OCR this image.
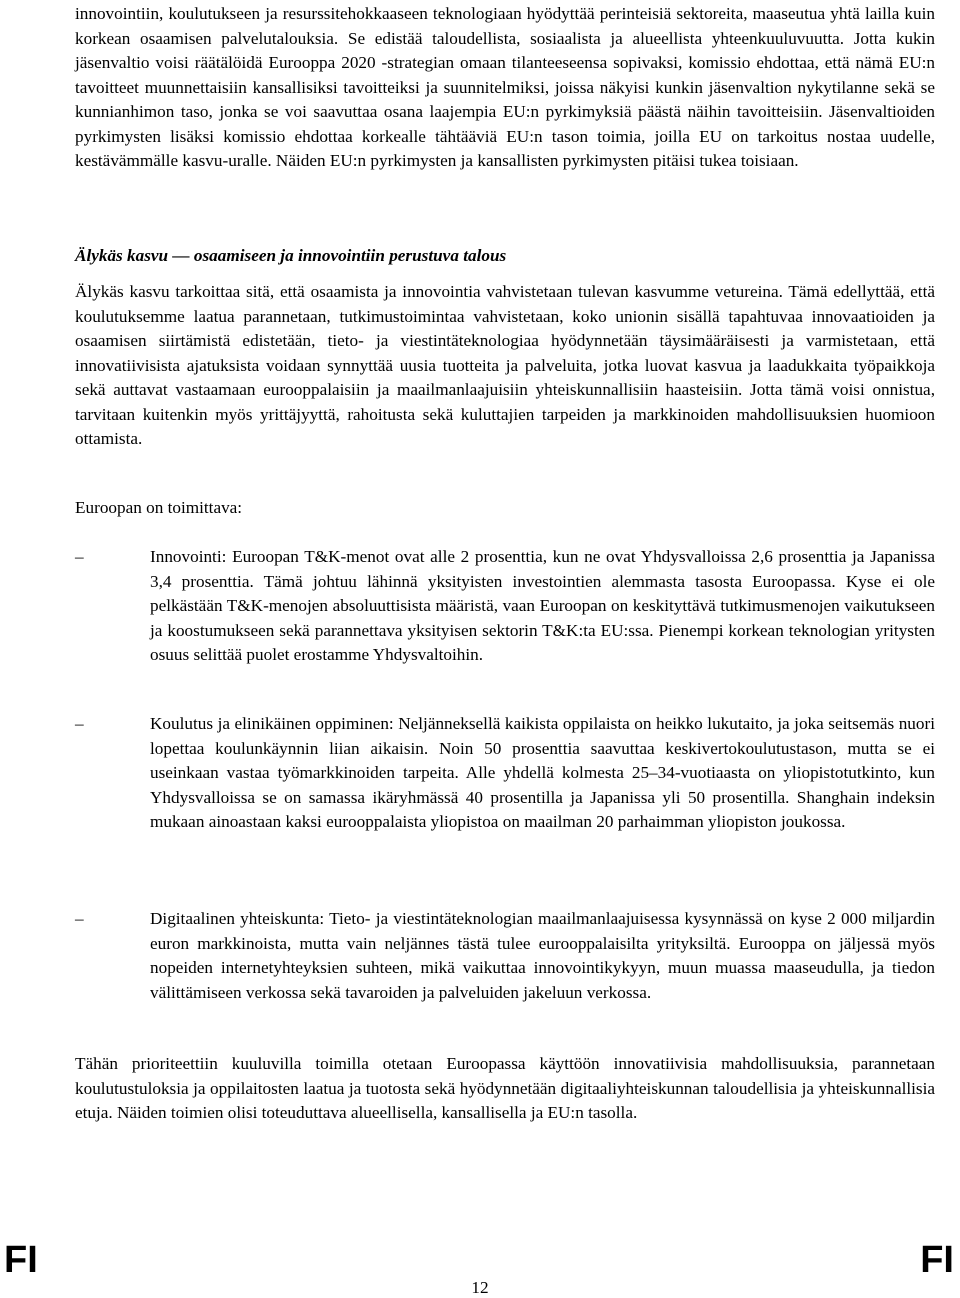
innovointiin, koulutukseen ja resurssitehokkaaseen teknologiaan hyödyttää perinteisiä sektoreita, maaseutua yhtä lailla kuin korkean osaamisen palvelutalouksia. Se edistää taloudellista, sosiaalista ja alueellista yhteenkuuluvuutta. Jotta kukin jäsenvaltio voisi räätälöidä Eurooppa 2020 -strategian omaan tilanteeseensa sopivaksi, komissio ehdottaa, että nämä EU:n tavoitteet muunnettaisiin kansallisiksi tavoitteiksi ja suunnitelmiksi, joissa näkyisi kunkin jäsenvaltion nykytilanne sekä se kunnianhimon taso, jonka se voi saavuttaa osana laajempia EU:n pyrkimyksiä päästä näihin tavoitteisiin. Jäsenvaltioiden pyrkimysten lisäksi komissio ehdottaa korkealle tähtääviä EU:n tason toimia, joilla EU on tarkoitus nostaa uudelle, kestävämmälle kasvu-uralle. Näiden EU:n pyrkimysten ja kansallisten pyrkimysten pitäisi tukea toisiaan.

Älykäs kasvu — osaamiseen ja innovointiin perustuva talous

Älykäs kasvu tarkoittaa sitä, että osaamista ja innovointia vahvistetaan tulevan kasvumme vetureina. Tämä edellyttää, että koulutuksemme laatua parannetaan, tutkimustoimintaa vahvistetaan, koko unionin sisällä tapahtuvaa innovaatioiden ja osaamisen siirtämistä edistetään, tieto- ja viestintäteknologiaa hyödynnetään täysimääräisesti ja varmistetaan, että innovatiivisista ajatuksista voidaan synnyttää uusia tuotteita ja palveluita, jotka luovat kasvua ja laadukkaita työpaikkoja sekä auttavat vastaamaan eurooppalaisiin ja maailmanlaajuisiin yhteiskunnallisiin haasteisiin. Jotta tämä voisi onnistua, tarvitaan kuitenkin myös yrittäjyyttä, rahoitusta sekä kuluttajien tarpeiden ja markkinoiden mahdollisuuksien huomioon ottamista.

Euroopan on toimittava:

–	Innovointi: Euroopan T&K-menot ovat alle 2 prosenttia, kun ne ovat Yhdysvalloissa 2,6 prosenttia ja Japanissa 3,4 prosenttia. Tämä johtuu lähinnä yksityisten investointien alemmasta tasosta Euroopassa. Kyse ei ole pelkästään T&K-menojen absoluuttisista määristä, vaan Euroopan on keskityttävä tutkimusmenojen vaikutukseen ja koostumukseen sekä parannettava yksityisen sektorin T&K:ta EU:ssa. Pienempi korkean teknologian yritysten osuus selittää puolet erostamme Yhdysvaltoihin.

–	Koulutus ja elinikäinen oppiminen: Neljänneksellä kaikista oppilaista on heikko lukutaito, ja joka seitsemäs nuori lopettaa koulunkäynnin liian aikaisin. Noin 50 prosenttia saavuttaa keskivertokoulutustason, mutta se ei useinkaan vastaa työmarkkinoiden tarpeita. Alle yhdellä kolmesta 25–34-vuotiaasta on yliopistotutkinto, kun Yhdysvalloissa se on samassa ikäryhmässä 40 prosentilla ja Japanissa yli 50 prosentilla. Shanghain indeksin mukaan ainoastaan kaksi eurooppalaista yliopistoa on maailman 20 parhaimman yliopiston joukossa.

–	Digitaalinen yhteiskunta: Tieto- ja viestintäteknologian maailmanlaajuisessa kysynnässä on kyse 2 000 miljardin euron markkinoista, mutta vain neljännes tästä tulee eurooppalaisilta yrityksiltä. Eurooppa on jäljessä myös nopeiden internetyhteyksien suhteen, mikä vaikuttaa innovointikykyyn, muun muassa maaseudulla, ja tiedon välittämiseen verkossa sekä tavaroiden ja palveluiden jakeluun verkossa.

Tähän prioriteettiin kuuluvilla toimilla otetaan Euroopassa käyttöön innovatiivisia mahdollisuuksia, parannetaan koulutustuloksia ja oppilaitosten laatua ja tuotosta sekä hyödynnetään digitaaliyhteiskunnan taloudellisia ja yhteiskunnallisia etuja. Näiden toimien olisi toteuduttava alueellisella, kansallisella ja EU:n tasolla.

FI
12
FI
